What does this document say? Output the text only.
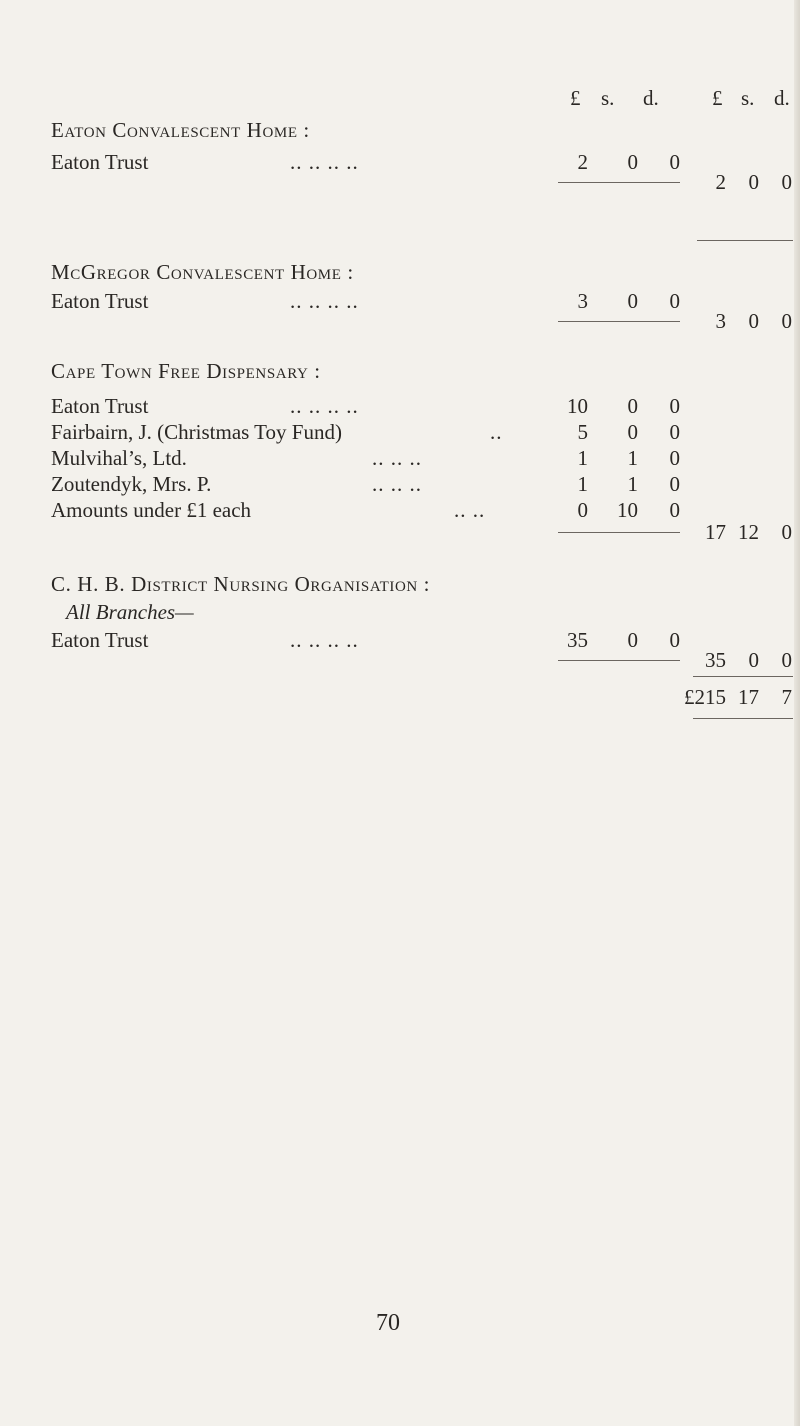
£ s. d.	£ s. d.
Eaton Convalescent Home :
Eaton Trust	.. .. .. ..	2	0	0
2	0	0
McGregor Convalescent Home :
Eaton Trust	.. .. .. ..	3	0	0
3	0	0
Cape Town Free Dispensary :
Eaton Trust	.. .. .. ..	10	0	0
Fairbairn, J. (Christmas Toy Fund)	..	5	0	0
Mulvihal’s, Ltd.	.. .. ..	1	1	0
Zoutendyk, Mrs. P.	.. .. ..	1	1	0
Amounts under £1 each	.. ..	0	10	0
17 12	0
C. H. B. District Nursing Organisation :
All Branches—
Eaton Trust	.. .. .. ..	35	0	0
35	0	0
£215 17	7
70
